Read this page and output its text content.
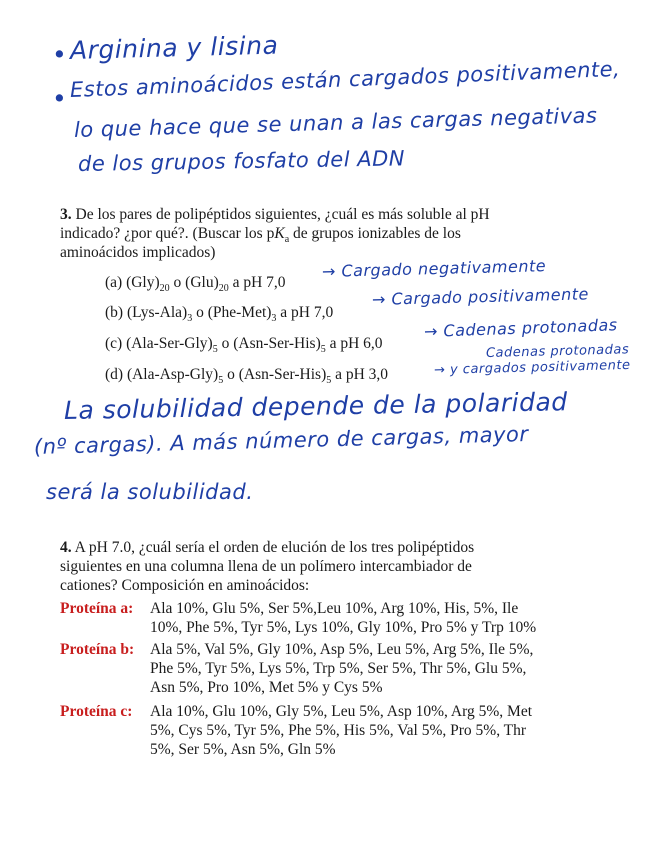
• Arginina y lisina
• Estos aminoácidos están cargados positivamente,
lo que hace que se unan a las cargas negativas
de los grupos fosfato del ADN
3. De los pares de polipéptidos siguientes, ¿cuál es más soluble al pH
indicado? ¿por qué?. (Buscar los $pK_a$ de grupos ionizables de los
aminoácidos implicados)
(a) $(Gly)_{20}$ o $(Glu)_{20}$ a pH 7,0
(b) $(Lys-Ala)_3$ o $(Phe-Met)_3$ a pH 7,0
(c) $(Ala-Ser-Gly)_5$ o $(Asn-Ser-His)_5$ a pH 6,0
(d) $(Ala-Asp-Gly)_5$ o $(Asn-Ser-His)_5$ a pH 3,0
→ Cargado negativamente
→ Cargado positivamente
→ Cadenas protonadas
Cadenas protonadas
→ y cargados positivamente
La solubilidad depende de la polaridad
(nº cargas). A más número de cargas, mayor
será la solubilidad.
4. A pH 7.0, ¿cuál sería el orden de elución de los tres polipéptidos
siguientes en una columna llena de un polímero intercambiador de
cationes? Composición en aminoácidos:
Proteína a: Ala 10%, Glu 5%, Ser 5%,Leu 10%, Arg 10%, His, 5%, Ile
10%, Phe 5%, Tyr 5%, Lys 10%, Gly 10%, Pro 5% y Trp 10%
Proteína b: Ala 5%, Val 5%, Gly 10%, Asp 5%, Leu 5%, Arg 5%, Ile 5%,
Phe 5%, Tyr 5%, Lys 5%, Trp 5%, Ser 5%, Thr 5%, Glu 5%,
Asn 5%, Pro 10%, Met 5% y Cys 5%
Proteína c: Ala 10%, Glu 10%, Gly 5%, Leu 5%, Asp 10%, Arg 5%, Met
5%, Cys 5%, Tyr 5%, Phe 5%, His 5%, Val 5%, Pro 5%, Thr
5%, Ser 5%, Asn 5%, Gln 5%
